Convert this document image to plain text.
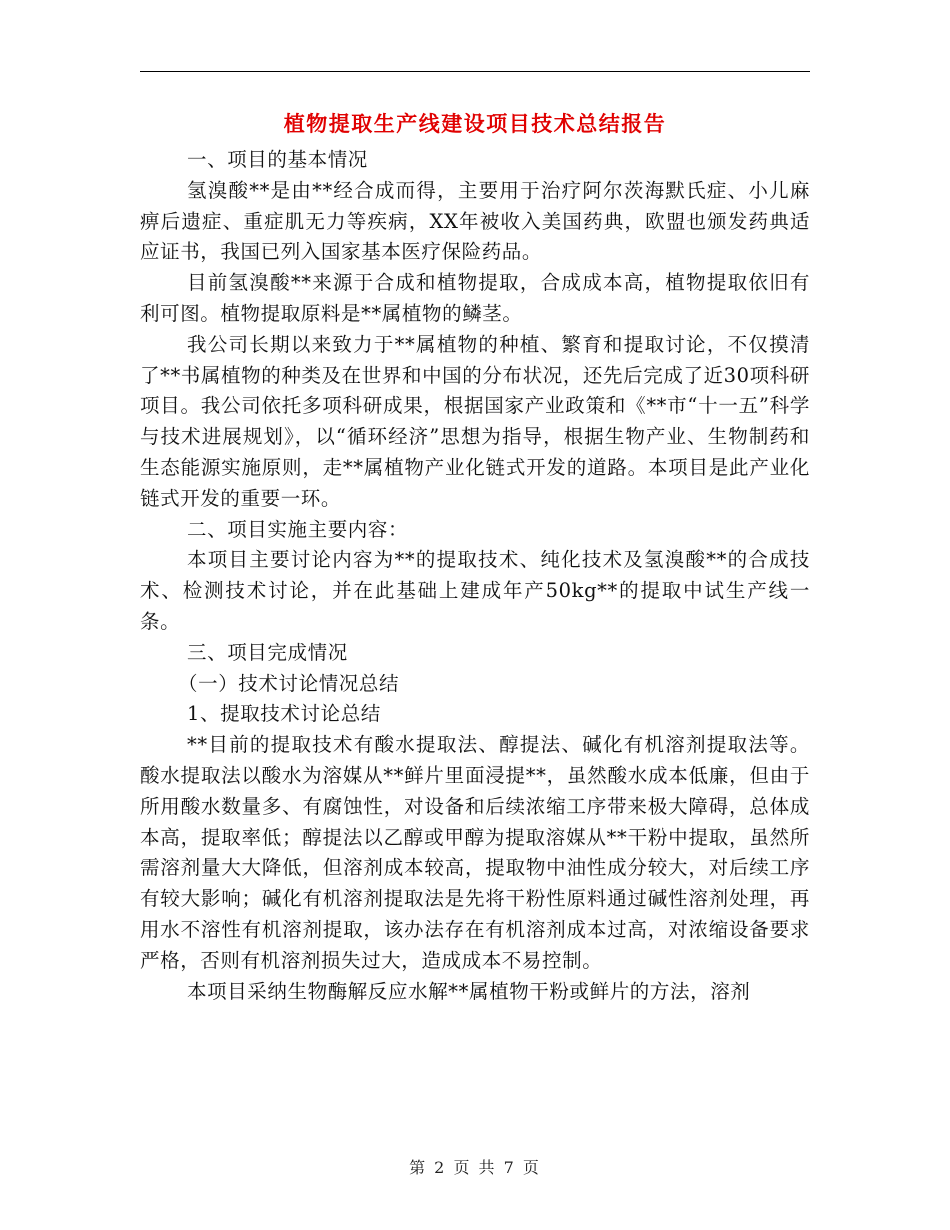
植物提取生产线建设项目技术总结报告

一、项目的基本情况

氢溴酸**是由**经合成而得，主要用于治疗阿尔茨海默氏症、小儿麻痹后遗症、重症肌无力等疾病，XX年被收入美国药典，欧盟也颁发药典适应证书，我国已列入国家基本医疗保险药品。

目前氢溴酸**来源于合成和植物提取，合成成本高，植物提取依旧有利可图。植物提取原料是**属植物的鳞茎。

我公司长期以来致力于**属植物的种植、繁育和提取讨论，不仅摸清了**书属植物的种类及在世界和中国的分布状况，还先后完成了近30项科研项目。我公司依托多项科研成果，根据国家产业政策和《**市“十一五”科学与技术进展规划》，以“循环经济”思想为指导，根据生物产业、生物制药和生态能源实施原则，走**属植物产业化链式开发的道路。本项目是此产业化链式开发的重要一环。

二、项目实施主要内容：

本项目主要讨论内容为**的提取技术、纯化技术及氢溴酸**的合成技术、检测技术讨论，并在此基础上建成年产50kg**的提取中试生产线一条。

三、项目完成情况

（一）技术讨论情况总结

1、提取技术讨论总结

**目前的提取技术有酸水提取法、醇提法、碱化有机溶剂提取法等。酸水提取法以酸水为溶媒从**鲜片里面浸提**，虽然酸水成本低廉，但由于所用酸水数量多、有腐蚀性，对设备和后续浓缩工序带来极大障碍，总体成本高，提取率低；醇提法以乙醇或甲醇为提取溶媒从**干粉中提取，虽然所需溶剂量大大降低，但溶剂成本较高，提取物中油性成分较大，对后续工序有较大影响；碱化有机溶剂提取法是先将干粉性原料通过碱性溶剂处理，再用水不溶性有机溶剂提取，该办法存在有机溶剂成本过高，对浓缩设备要求严格，否则有机溶剂损失过大，造成成本不易控制。

本项目采纳生物酶解反应水解**属植物干粉或鲜片的方法，溶剂

第 2 页 共 7 页
